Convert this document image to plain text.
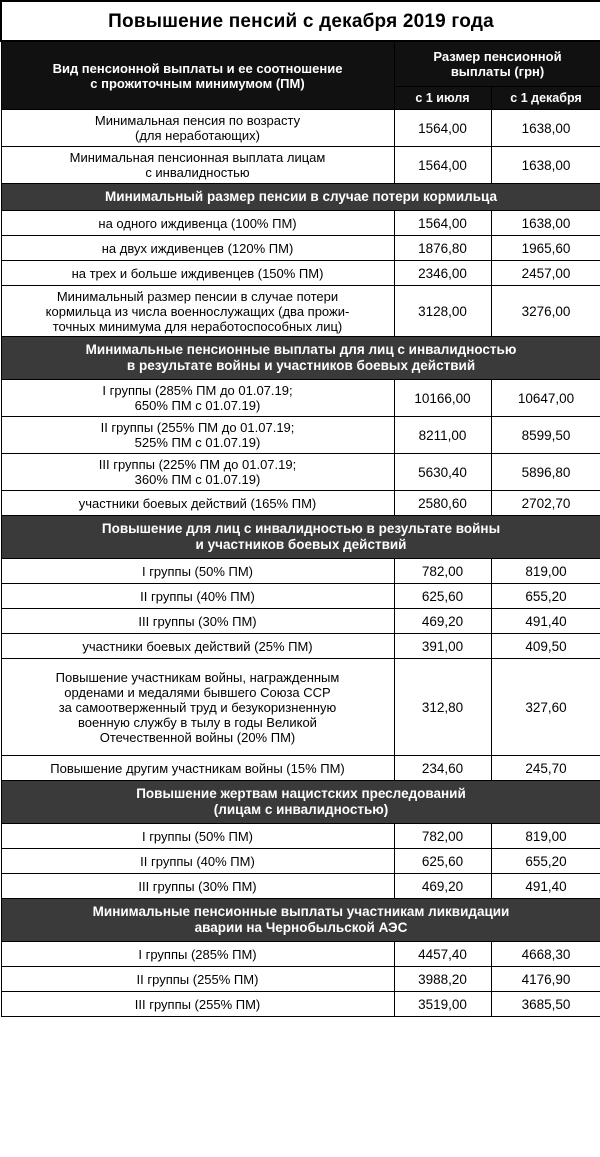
Повышение пенсий с декабря 2019 года		
Вид пенсионной выплаты и ее соотношение
с прожиточным минимумом (ПМ)	Размер пенсионной
выплаты (грн)	
	с 1 июля	с 1 декабря
Минимальная пенсия по возрасту
(для неработающих)	1564,00	1638,00
Минимальная пенсионная выплата лицам
с инвалидностью	1564,00	1638,00
Минимальный размер пенсии в случае потери кормильца		
на одного иждивенца (100% ПМ)	1564,00	1638,00
на двух иждивенцев (120% ПМ)	1876,80	1965,60
на трех и больше иждивенцев (150% ПМ)	2346,00	2457,00
Минимальный размер пенсии в случае потери
кормильца из числа военнослужащих (два прожи-
точных минимума для неработоспособных лиц)	3128,00	3276,00
Минимальные пенсионные выплаты для лиц с инвалидностью
в результате войны и участников боевых действий		
I группы (285% ПМ до 01.07.19;
650% ПМ с 01.07.19)	10166,00	10647,00
II группы (255% ПМ до 01.07.19;
525% ПМ с 01.07.19)	8211,00	8599,50
III группы (225% ПМ до 01.07.19;
360% ПМ с 01.07.19)	5630,40	5896,80
участники боевых действий (165% ПМ)	2580,60	2702,70
Повышение для лиц с инвалидностью в результате войны
и участников боевых действий		
I группы (50% ПМ)	782,00	819,00
II группы (40% ПМ)	625,60	655,20
III группы (30% ПМ)	469,20	491,40
участники боевых действий (25% ПМ)	391,00	409,50
Повышение участникам войны, награжденным
орденами и медалями бывшего Союза ССР
за самоотверженный труд и безукоризненную
военную службу в тылу в годы Великой
Отечественной войны (20% ПМ)	312,80	327,60
Повышение другим участникам войны (15% ПМ)	234,60	245,70
Повышение жертвам нацистских преследований
(лицам с инвалидностью)		
I группы (50% ПМ)	782,00	819,00
II группы (40% ПМ)	625,60	655,20
III группы (30% ПМ)	469,20	491,40
Минимальные пенсионные выплаты участникам ликвидации
аварии на Чернобыльской АЭС		
I группы (285% ПМ)	4457,40	4668,30
II группы (255% ПМ)	3988,20	4176,90
III группы (255% ПМ)	3519,00	3685,50
